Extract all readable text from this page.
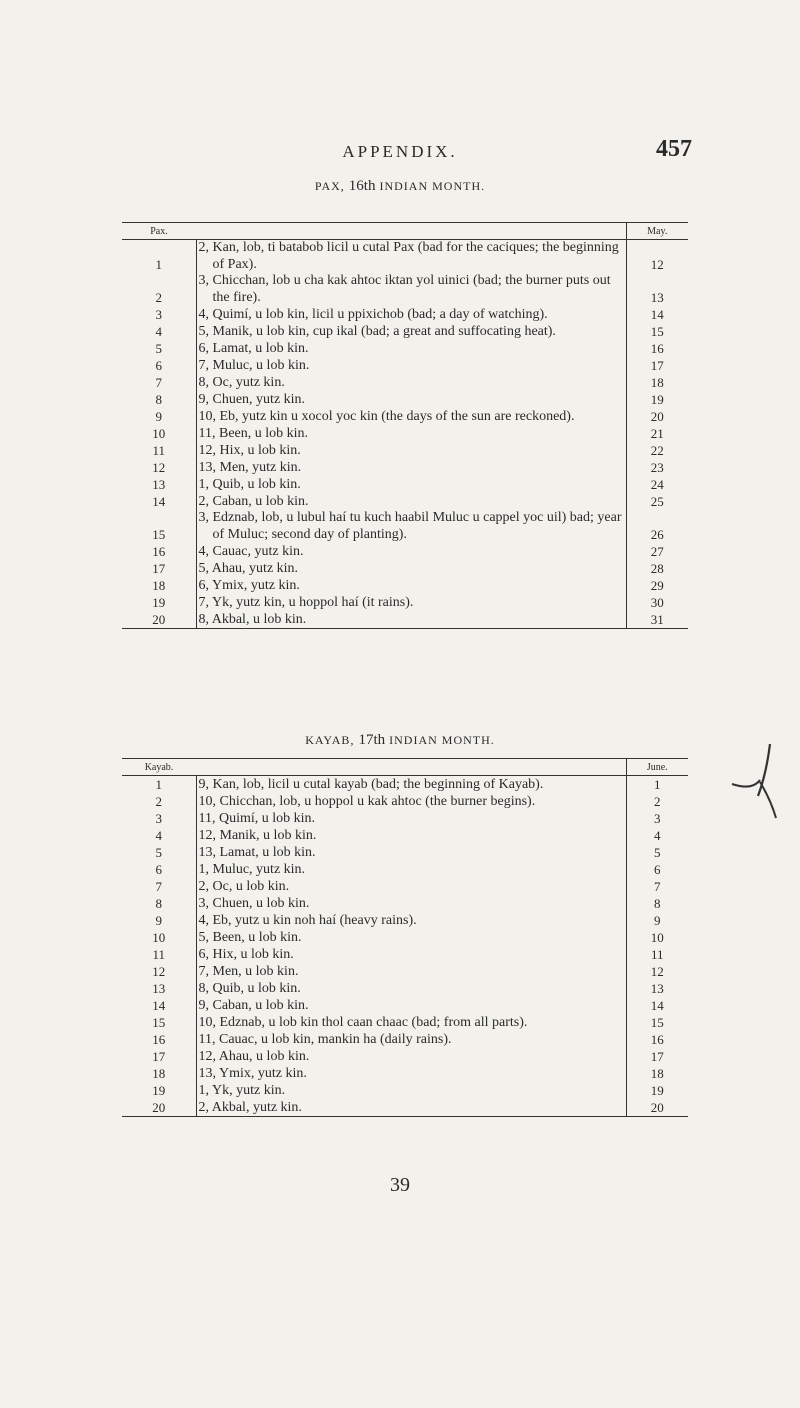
APPENDIX.	457
PAX, 16th INDIAN MONTH.
Pax.		May.
1	2, Kan, lob, ti batabob licil u cutal Pax (bad for the caciques; the beginning of Pax).	12
2	3, Chicchan, lob u cha kak ahtoc iktan yol uinici (bad; the burner puts out the fire).	13
3	4, Quimí, u lob kin, licil u ppixichob (bad; a day of watching).	14
4	5, Manik, u lob kin, cup ikal (bad; a great and suffocating heat).	15
5	6, Lamat, u lob kin.	16
6	7, Muluc, u lob kin.	17
7	8, Oc, yutz kin.	18
8	9, Chuen, yutz kin.	19
9	10, Eb, yutz kin u xocol yoc kin (the days of the sun are reckoned).	20
10	11, Been, u lob kin.	21
11	12, Hix, u lob kin.	22
12	13, Men, yutz kin.	23
13	1, Quib, u lob kin.	24
14	2, Caban, u lob kin.	25
15	3, Edznab, lob, u lubul haí tu kuch haabil Muluc u cappel yoc uil) bad; year of Muluc; second day of planting).	26
16	4, Cauac, yutz kin.	27
17	5, Ahau, yutz kin.	28
18	6, Ymix, yutz kin.	29
19	7, Yk, yutz kin, u hoppol haí (it rains).	30
20	8, Akbal, u lob kin.	31
KAYAB, 17th INDIAN MONTH.
Kayab.		June.
1	9, Kan, lob, licil u cutal kayab (bad; the beginning of Kayab).	1
2	10, Chicchan, lob, u hoppol u kak ahtoc (the burner begins).	2
3	11, Quimí, u lob kin.	3
4	12, Manik, u lob kin.	4
5	13, Lamat, u lob kin.	5
6	1, Muluc, yutz kin.	6
7	2, Oc, u lob kin.	7
8	3, Chuen, u lob kin.	8
9	4, Eb, yutz u kin noh haí (heavy rains).	9
10	5, Been, u lob kin.	10
11	6, Hix, u lob kin.	11
12	7, Men, u lob kin.	12
13	8, Quib, u lob kin.	13
14	9, Caban, u lob kin.	14
15	10, Edznab, u lob kin thol caan chaac (bad; from all parts).	15
16	11, Cauac, u lob kin, mankin ha (daily rains).	16
17	12, Ahau, u lob kin.	17
18	13, Ymix, yutz kin.	18
19	1, Yk, yutz kin.	19
20	2, Akbal, yutz kin.	20
39
